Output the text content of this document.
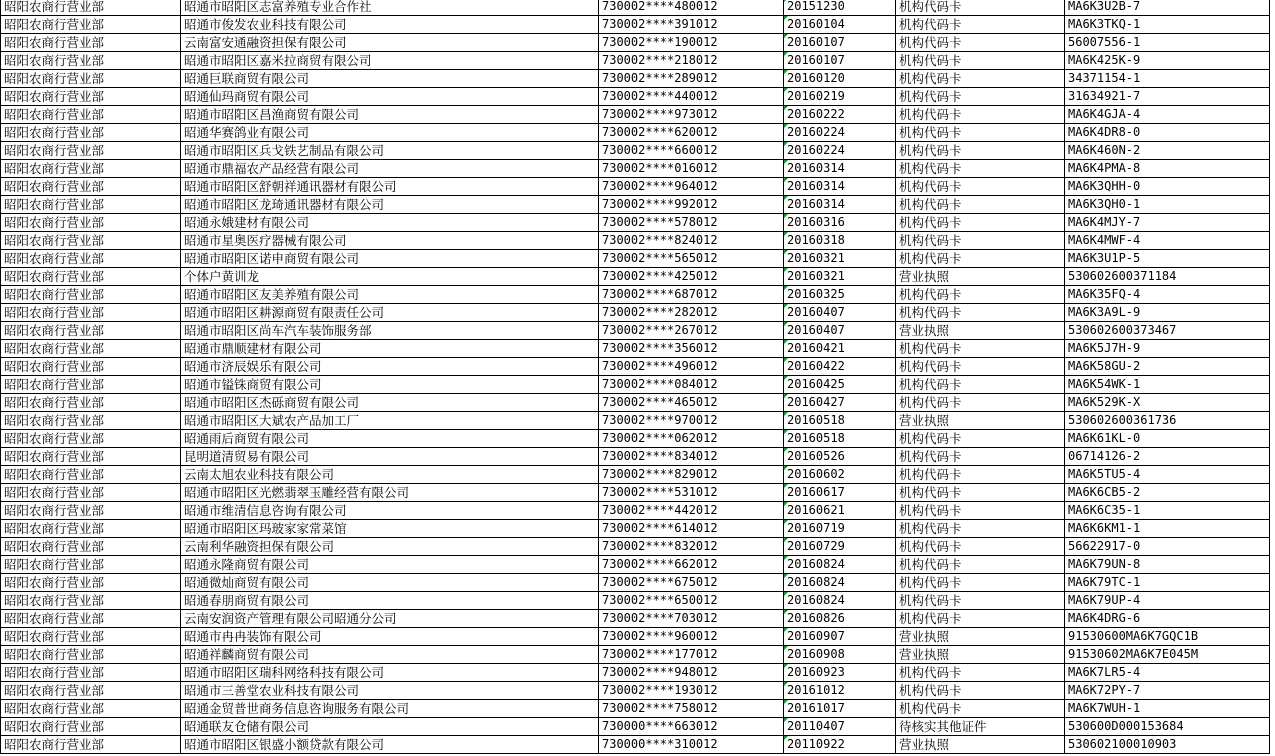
昭阳农商行营业部	昭通市昭阳区志富养殖专业合作社	730002****480012	20151230	机构代码卡	MA6K3U2B-7
昭阳农商行营业部	昭通市俊发农业科技有限公司	730002****391012	20160104	机构代码卡	MA6K3TKQ-1
昭阳农商行营业部	云南富安通融资担保有限公司	730002****190012	20160107	机构代码卡	56007556-1
昭阳农商行营业部	昭通市昭阳区嘉米拉商贸有限公司	730002****218012	20160107	机构代码卡	MA6K425K-9
昭阳农商行营业部	昭通巨联商贸有限公司	730002****289012	20160120	机构代码卡	34371154-1
昭阳农商行营业部	昭通仙玛商贸有限公司	730002****440012	20160219	机构代码卡	31634921-7
昭阳农商行营业部	昭通市昭阳区昌渔商贸有限公司	730002****973012	20160222	机构代码卡	MA6K4GJA-4
昭阳农商行营业部	昭通华赛鸽业有限公司	730002****620012	20160224	机构代码卡	MA6K4DR8-0
昭阳农商行营业部	昭通市昭阳区兵戈铁艺制品有限公司	730002****660012	20160224	机构代码卡	MA6K460N-2
昭阳农商行营业部	昭通市鼎福农产品经营有限公司	730002****016012	20160314	机构代码卡	MA6K4PMA-8
昭阳农商行营业部	昭通市昭阳区舒朝祥通讯器材有限公司	730002****964012	20160314	机构代码卡	MA6K3QHH-0
昭阳农商行营业部	昭通市昭阳区龙琦通讯器材有限公司	730002****992012	20160314	机构代码卡	MA6K3QH0-1
昭阳农商行营业部	昭通永娥建材有限公司	730002****578012	20160316	机构代码卡	MA6K4MJY-7
昭阳农商行营业部	昭通市星奥医疗器械有限公司	730002****824012	20160318	机构代码卡	MA6K4MWF-4
昭阳农商行营业部	昭通市昭阳区诺申商贸有限公司	730002****565012	20160321	机构代码卡	MA6K3U1P-5
昭阳农商行营业部	个体户黄训龙	730002****425012	20160321	营业执照	530602600371184
昭阳农商行营业部	昭通市昭阳区友美养殖有限公司	730002****687012	20160325	机构代码卡	MA6K35FQ-4
昭阳农商行营业部	昭通市昭阳区耕源商贸有限责任公司	730002****282012	20160407	机构代码卡	MA6K3A9L-9
昭阳农商行营业部	昭通市昭阳区尚车汽车装饰服务部	730002****267012	20160407	营业执照	530602600373467
昭阳农商行营业部	昭通市鼎顺建材有限公司	730002****356012	20160421	机构代码卡	MA6K5J7H-9
昭阳农商行营业部	昭通市济辰娱乐有限公司	730002****496012	20160422	机构代码卡	MA6K58GU-2
昭阳农商行营业部	昭通市镒铢商贸有限公司	730002****084012	20160425	机构代码卡	MA6K54WK-1
昭阳农商行营业部	昭通市昭阳区杰砾商贸有限公司	730002****465012	20160427	机构代码卡	MA6K529K-X
昭阳农商行营业部	昭通市昭阳区大斌农产品加工厂	730002****970012	20160518	营业执照	530602600361736
昭阳农商行营业部	昭通雨后商贸有限公司	730002****062012	20160518	机构代码卡	MA6K61KL-0
昭阳农商行营业部	昆明道清贸易有限公司	730002****834012	20160526	机构代码卡	06714126-2
昭阳农商行营业部	云南太旭农业科技有限公司	730002****829012	20160602	机构代码卡	MA6K5TU5-4
昭阳农商行营业部	昭通市昭阳区光燃翡翠玉雕经营有限公司	730002****531012	20160617	机构代码卡	MA6K6CB5-2
昭阳农商行营业部	昭通市维清信息咨询有限公司	730002****442012	20160621	机构代码卡	MA6K6C35-1
昭阳农商行营业部	昭通市昭阳区玛玻家家常菜馆	730002****614012	20160719	机构代码卡	MA6K6KM1-1
昭阳农商行营业部	云南利华融资担保有限公司	730002****832012	20160729	机构代码卡	56622917-0
昭阳农商行营业部	昭通永隆商贸有限公司	730002****662012	20160824	机构代码卡	MA6K79UN-8
昭阳农商行营业部	昭通微灿商贸有限公司	730002****675012	20160824	机构代码卡	MA6K79TC-1
昭阳农商行营业部	昭通春朋商贸有限公司	730002****650012	20160824	机构代码卡	MA6K79UP-4
昭阳农商行营业部	云南安润资产管理有限公司昭通分公司	730002****703012	20160826	机构代码卡	MA6K4DRG-6
昭阳农商行营业部	昭通市冉冉装饰有限公司	730002****960012	20160907	营业执照	91530600MA6K7GQC1B
昭阳农商行营业部	昭通祥麟商贸有限公司	730002****177012	20160908	营业执照	91530602MA6K7E045M
昭阳农商行营业部	昭通市昭阳区瑞科网络科技有限公司	730002****948012	20160923	机构代码卡	MA6K7LR5-4
昭阳农商行营业部	昭通市三善堂农业科技有限公司	730002****193012	20161012	机构代码卡	MA6K72PY-7
昭阳农商行营业部	昭通金贸普世商务信息咨询服务有限公司	730002****758012	20161017	机构代码卡	MA6K7WUH-1
昭阳农商行营业部	昭通联友仓储有限公司	730000****663012	20110407	待核实其他证件	530600D000153684
昭阳农商行营业部	昭通市昭阳区银盛小额贷款有限公司	730000****310012	20110922	营业执照	530602100010903
